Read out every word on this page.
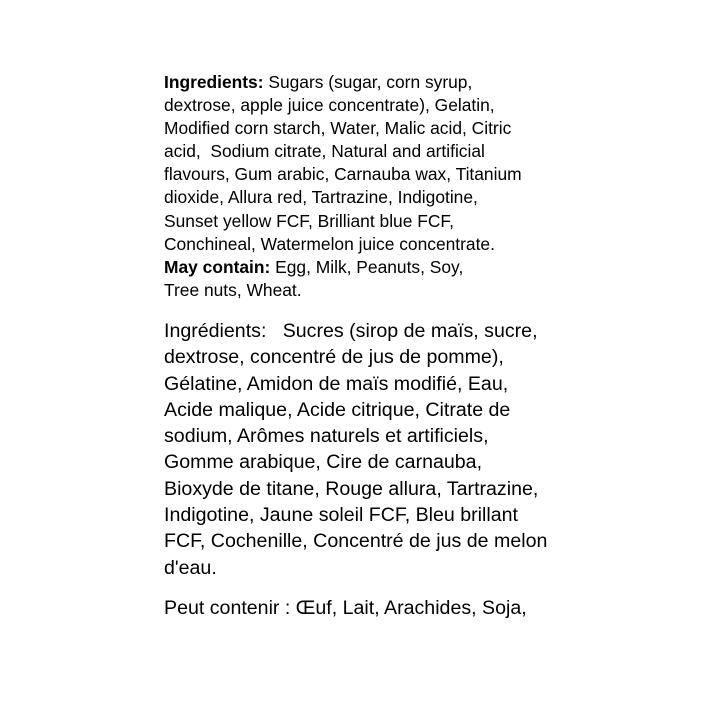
Ingredients: Sugars (sugar, corn syrup,
dextrose, apple juice concentrate), Gelatin,
Modified corn starch, Water, Malic acid, Citric
acid,  Sodium citrate, Natural and artificial
flavours, Gum arabic, Carnauba wax, Titanium
dioxide, Allura red, Tartrazine, Indigotine,
Sunset yellow FCF, Brilliant blue FCF,
Conchineal, Watermelon juice concentrate.
May contain: Egg, Milk, Peanuts, Soy,
Tree nuts, Wheat.
Ingrédients:   Sucres (sirop de maïs, sucre,
dextrose, concentré de jus de pomme),
Gélatine, Amidon de maïs modifié, Eau,
Acide malique, Acide citrique, Citrate de
sodium, Arômes naturels et artificiels,
Gomme arabique, Cire de carnauba,
Bioxyde de titane, Rouge allura, Tartrazine,
Indigotine, Jaune soleil FCF, Bleu brillant
FCF, Cochenille, Concentré de jus de melon
d'eau.
Peut contenir : Œuf, Lait, Arachides, Soja,
